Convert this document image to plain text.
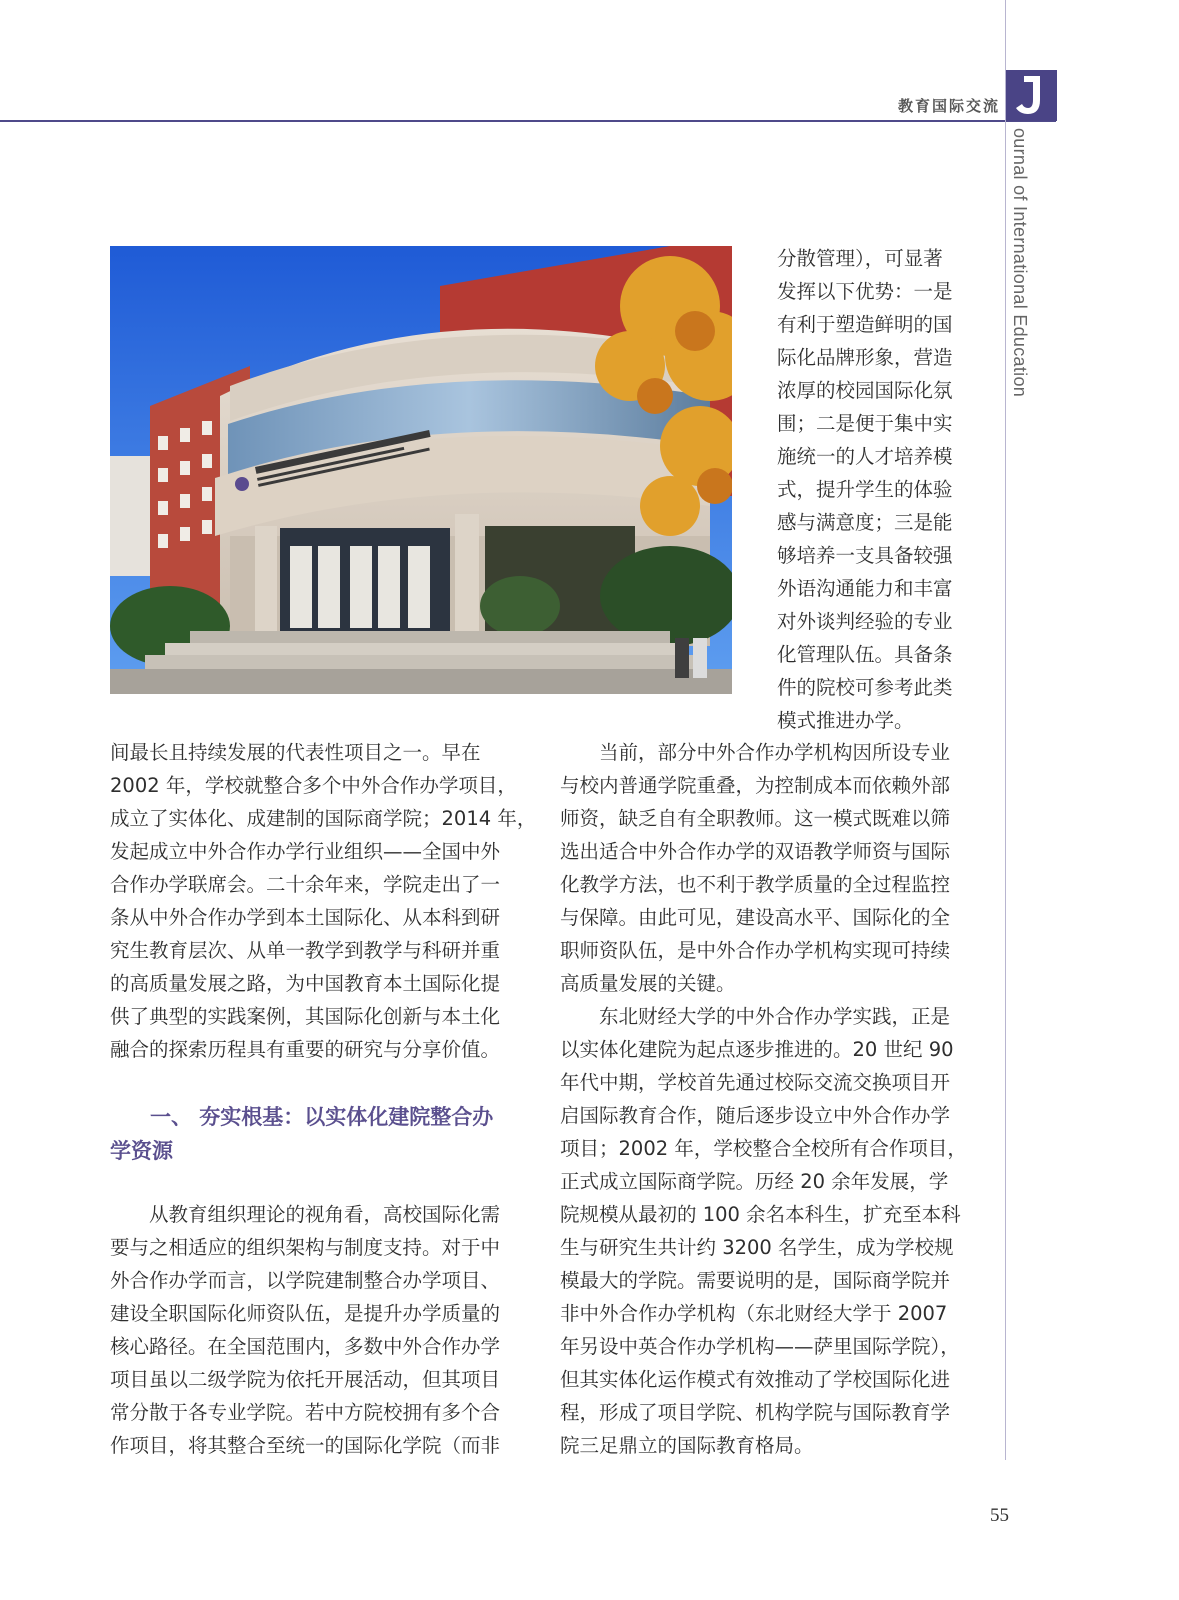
教育国际交流
ournal of International Education
分散管理），可显著
发挥以下优势：一是
有利于塑造鲜明的国
际化品牌形象，营造
浓厚的校园国际化氛
围；二是便于集中实
施统一的人才培养模
式，提升学生的体验
感与满意度；三是能
够培养一支具备较强
外语沟通能力和丰富
对外谈判经验的专业
化管理队伍。具备条
件的院校可参考此类
模式推进办学。
间最长且持续发展的代表性项目之一。早在
2002 年，学校就整合多个中外合作办学项目，
成立了实体化、成建制的国际商学院；2014 年，
发起成立中外合作办学行业组织——全国中外
合作办学联席会。二十余年来，学院走出了一
条从中外合作办学到本土国际化、从本科到研
究生教育层次、从单一教学到教学与科研并重
的高质量发展之路，为中国教育本土国际化提
供了典型的实践案例，其国际化创新与本土化
融合的探索历程具有重要的研究与分享价值。
一、 夯实根基：以实体化建院整合办
学资源
　　从教育组织理论的视角看，高校国际化需
要与之相适应的组织架构与制度支持。对于中
外合作办学而言，以学院建制整合办学项目、
建设全职国际化师资队伍，是提升办学质量的
核心路径。在全国范围内，多数中外合作办学
项目虽以二级学院为依托开展活动，但其项目
常分散于各专业学院。若中方院校拥有多个合
作项目，将其整合至统一的国际化学院（而非
　　当前，部分中外合作办学机构因所设专业
与校内普通学院重叠，为控制成本而依赖外部
师资，缺乏自有全职教师。这一模式既难以筛
选出适合中外合作办学的双语教学师资与国际
化教学方法，也不利于教学质量的全过程监控
与保障。由此可见，建设高水平、国际化的全
职师资队伍，是中外合作办学机构实现可持续
高质量发展的关键。
　　东北财经大学的中外合作办学实践，正是
以实体化建院为起点逐步推进的。20 世纪 90
年代中期，学校首先通过校际交流交换项目开
启国际教育合作，随后逐步设立中外合作办学
项目；2002 年，学校整合全校所有合作项目，
正式成立国际商学院。历经 20 余年发展，学
院规模从最初的 100 余名本科生，扩充至本科
生与研究生共计约 3200 名学生，成为学校规
模最大的学院。需要说明的是，国际商学院并
非中外合作办学机构（东北财经大学于 2007
年另设中英合作办学机构——萨里国际学院），
但其实体化运作模式有效推动了学校国际化进
程，形成了项目学院、机构学院与国际教育学
院三足鼎立的国际教育格局。
55
